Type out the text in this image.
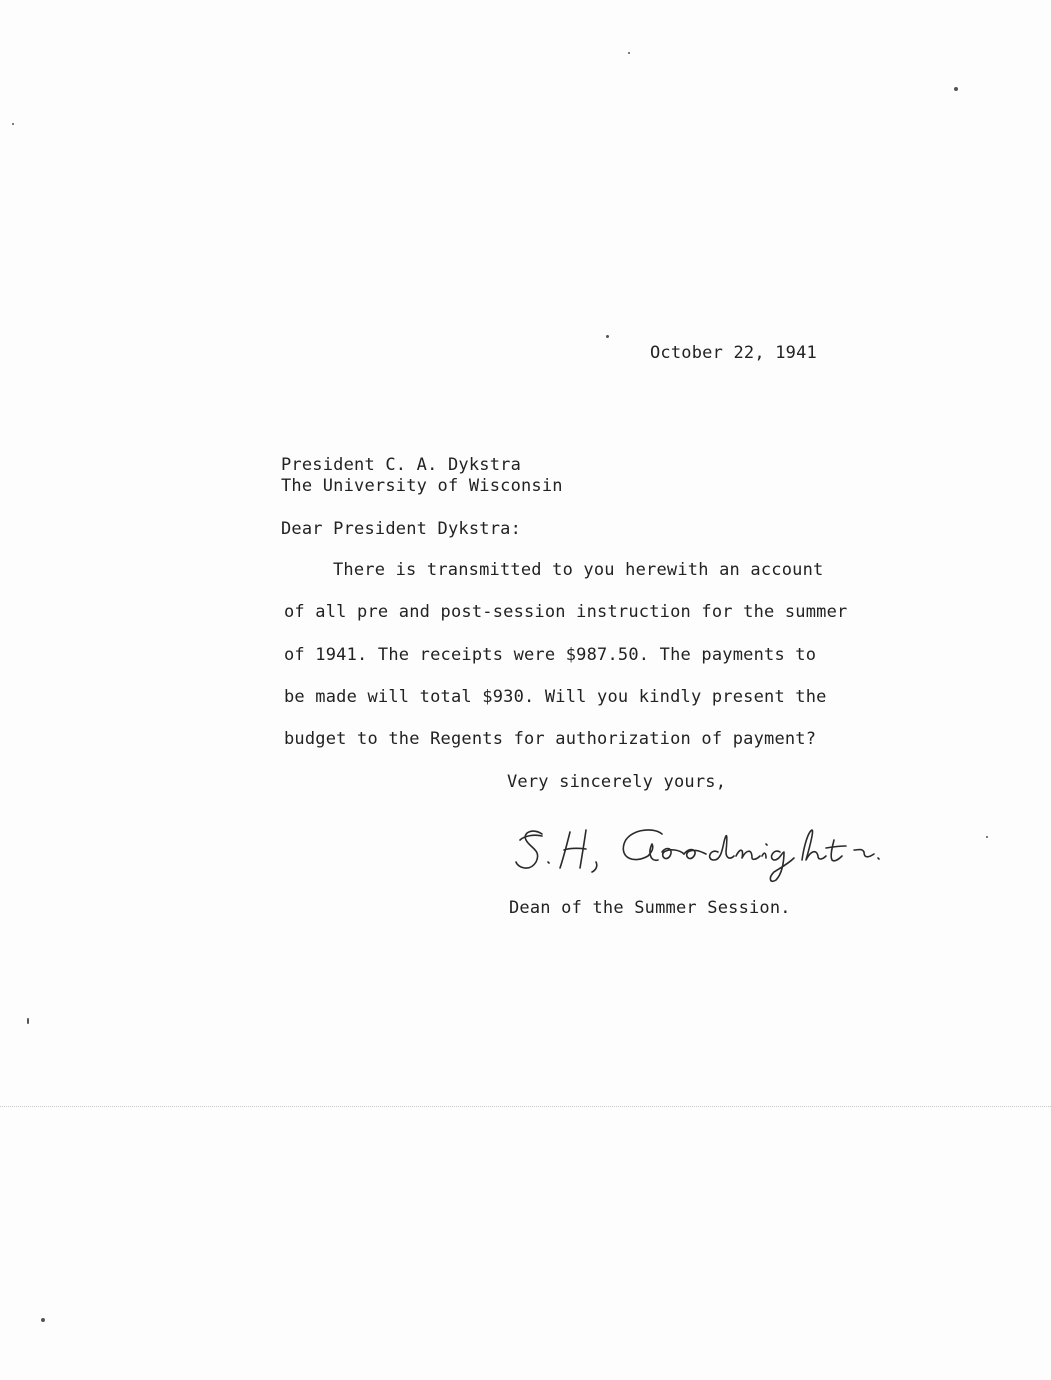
October 22, 1941
President C. A. Dykstra
The University of Wisconsin
Dear President Dykstra:
There is transmitted to you herewith an account
of all pre and post-session instruction for the summer
of 1941. The receipts were $987.50. The payments to
be made will total $930. Will you kindly present the
budget to the Regents for authorization of payment?
Very sincerely yours,
Dean of the Summer Session.
